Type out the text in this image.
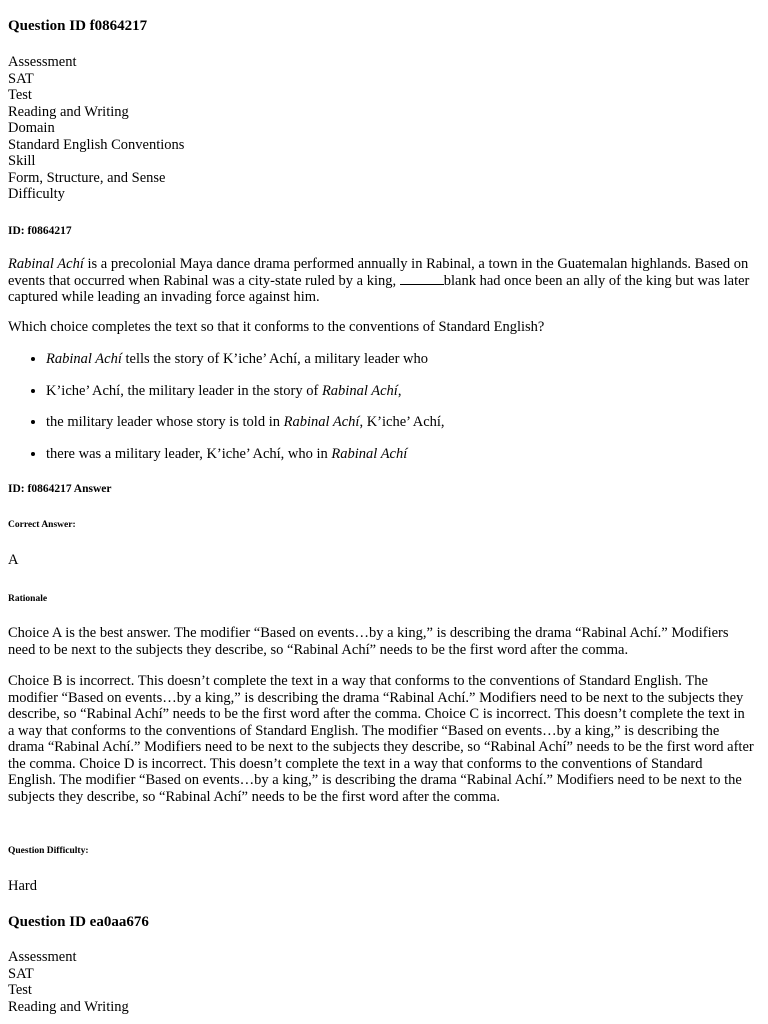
Question ID f0864217
Assessment
SAT
Test
Reading and Writing
Domain
Standard English Conventions
Skill
Form, Structure, and Sense
Difficulty
ID: f0864217

Rabinal Achí is a precolonial Maya dance drama performed annually in Rabinal, a town in the Guatemalan highlands. Based on events that occurred when Rabinal was a city-state ruled by a king,	blank had once been an ally of the king but was later captured while leading an invading force against him.

Which choice completes the text so that it conforms to the conventions of Standard English?

• Rabinal Achí tells the story of K’iche’ Achí, a military leader who
• K’iche’ Achí, the military leader in the story of Rabinal Achí,
• the military leader whose story is told in Rabinal Achí, K’iche’ Achí,
• there was a military leader, K’iche’ Achí, who in Rabinal Achí
ID: f0864217 Answer
Correct Answer:

A

Rationale

Choice A is the best answer. The modifier “Based on events…by a king,” is describing the drama “Rabinal Achí.” Modifiers need to be next to the subjects they describe, so “Rabinal Achí” needs to be the first word after the comma.

Choice B is incorrect. This doesn’t complete the text in a way that conforms to the conventions of Standard English. The modifier “Based on events…by a king,” is describing the drama “Rabinal Achí.” Modifiers need to be next to the subjects they describe, so “Rabinal Achí” needs to be the first word after the comma. Choice C is incorrect. This doesn’t complete the text in a way that conforms to the conventions of Standard English. The modifier “Based on events…by a king,” is describing the drama “Rabinal Achí.” Modifiers need to be next to the subjects they describe, so “Rabinal Achí” needs to be the first word after the comma. Choice D is incorrect. This doesn’t complete the text in a way that conforms to the conventions of Standard English. The modifier “Based on events…by a king,” is describing the drama “Rabinal Achí.” Modifiers need to be next to the subjects they describe, so “Rabinal Achí” needs to be the first word after the comma.

Question Difficulty:

Hard

Question ID ea0aa676
Assessment
SAT
Test
Reading and Writing
